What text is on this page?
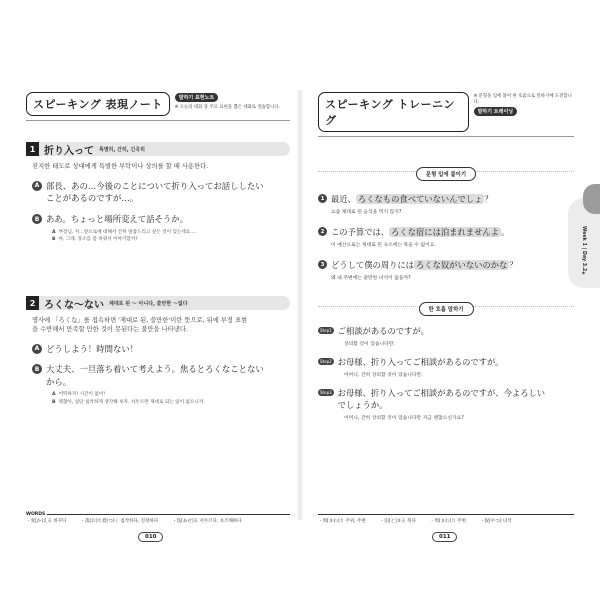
Week 1 | Day 3.2★
スピーキング 表現ノート	말하기 표현노트
※ 오늘의 대화 중 주요 표현을 뽑은 대화로 연습합니다.
1 折り入って 특별히, 간히, 긴곡히
진지한 태도로 상대에게 특별한 부탁이나 상의를 할 때 사용한다.
A 部長、あの…今後のことについて折り入ってお話ししたい
ことがあるのですが…。
B ああ。ちょっと場所変えて話そうか。
A 부장님, 저…앞으로에 대해서 간히 말씀드리고 싶은 것이 있는데요….
B 아, 그래. 장소를 좀 바꿔서 이야기할까?
2 ろくな～ない 제대로 된 ～ 아니다, 쓸만한 ～없다
명사에 「ろくな」를 접속하면 '제대로 된, 쓸만한'이란 뜻으로, 뒤에 부정 표현
을 수반해서 만족할 만한 것이 못된다는 불만을 나타낸다.
A どうしよう！時間ない！
B 大丈夫、一旦落ち着いて考えよう。焦るとろくなことない
から。
A 어떡하지! 시간이 없어!
B 괜찮아, 일단 침착하게 생각해 보자. 서두르면 제대로 되는 일이 없으니까.
スピーキング トレーニング
※ 문형을 입에 붙어 한 호흡으로 말하기에 도전합니다.
말하기 트레이닝
문형 입에 붙이기
1 最近、 ろくなもの食べていないんでしょ ？
요즘 제대로 된 음식을 먹지 않지?
2 この予算では、 ろくな宿には泊まれませんよ 。
이 예산으로는 제대로 된 숙소에는 묵을 수 없어요.
3 どうして僕の周りには ろくな奴がいないのかな ？
왜 내 주변에는 쓸만한 녀석이 없을까?
한 호흡 말하기
Step1 ご相談があるのですが。
상의할 것이 있습니다만.
Step2 お母様、折り入ってご相談があるのですが。
어머니, 간히 상의할 것이 있습니다만.
Step3 お母様、折り入ってご相談があるのですが、今よろしい
でしょうか。
어머니, 간히 상의할 것이 있습니다만 지금 괜찮으신가요?
WORDS
・変[か]える 바꾸다	・落[お]ち着[つ]く 침착하다, 진정하다	・焦[あせ]る 서두르다, 초조해하다	・周[まわ]り 주위, 주변	・泊[と]まる 묵다	・周[まわ]り 주변	・奴[やつ] 녀석
010	011
